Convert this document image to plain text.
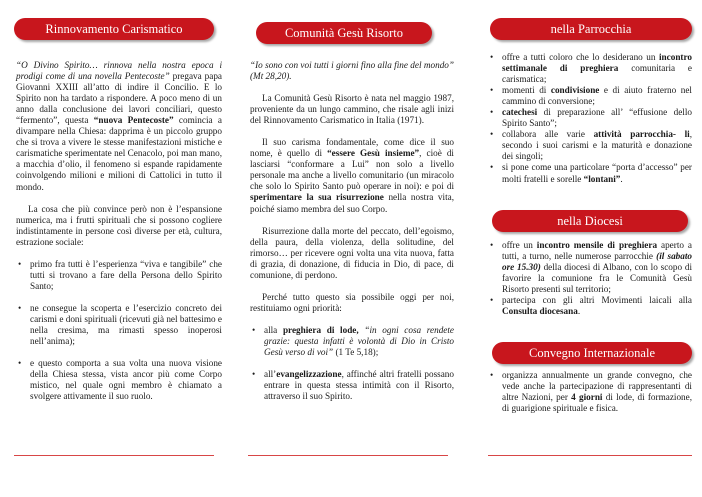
Rinnovamento Carismatico
“O Divino Spirito… rinnova nella nostra epoca i prodigi come di una novella Pentecoste” pregava papa Giovanni XXIII all’atto di indire il Concilio. E lo Spirito non ha tardato a rispondere. A poco meno di un anno dalla conclusione dei lavori conciliari, questo “fermento”, questa “nuova Pentecoste” comincia a divampare nella Chiesa: dapprima è un piccolo gruppo che si trova a vivere le stesse manifestazioni mistiche e carismatiche sperimentate nel Cenacolo, poi man mano, a macchia d’olio, il fenomeno si espande rapidamente coinvolgendo milioni e milioni di Cattolici in tutto il mondo.
La cosa che più convince però non è l’espansione numerica, ma i frutti spirituali che si possono cogliere indistintamente in persone così diverse per età, cultura, estrazione sociale:
• primo fra tutti è l’esperienza “viva e tangibile” che tutti si trovano a fare della Persona dello Spirito Santo;
• ne consegue la scoperta e l’esercizio concreto dei carismi e doni spirituali (ricevuti già nel battesimo e nella cresima, ma rimasti spesso inoperosi nell’anima);
• e questo comporta a sua volta una nuova visione della Chiesa stessa, vista ancor più come Corpo mistico, nel quale ogni membro è chiamato a svolgere attivamente il suo ruolo.
Comunità Gesù Risorto
“Io sono con voi tutti i giorni fino alla fine del mondo” (Mt 28,20).
La Comunità Gesù Risorto è nata nel maggio 1987, proveniente da un lungo cammino, che risale agli inizi del Rinnovamento Carismatico in Italia (1971).
Il suo carisma fondamentale, come dice il suo nome, è quello di “essere Gesù insieme”, cioè di lasciarsi “conformare a Lui” non solo a livello personale ma anche a livello comunitario (un miracolo che solo lo Spirito Santo può operare in noi): e poi di sperimentare la sua risurrezione nella nostra vita, poiché siamo membra del suo Corpo.
Risurrezione dalla morte del peccato, dell’egoismo, della paura, della violenza, della solitudine, del rimorso… per ricevere ogni volta una vita nuova, fatta di grazia, di donazione, di fiducia in Dio, di pace, di comunione, di perdono.
Perché tutto questo sia possibile oggi per noi, restituiamo ogni priorità:
• alla preghiera di lode, “in ogni cosa rendete grazie: questa infatti è volontà di Dio in Cristo Gesù verso di voi” (1 Te 5,18);
• all’evangelizzazione, affinché altri fratelli possano entrare in questa stessa intimità con il Risorto, attraverso il suo Spirito.
nella Parrocchia
• offre a tutti coloro che lo desiderano un incontro settimanale di preghiera comunitaria e carismatica;
• momenti di condivisione e di aiuto fraterno nel cammino di conversione;
• catechesi di preparazione all’ “effusione dello Spirito Santo”;
• collabora alle varie attività parrocchia- li, secondo i suoi carismi e la maturità e donazione dei singoli;
• si pone come una particolare “porta d’accesso” per molti fratelli e sorelle “lontani”.
nella Diocesi
• offre un incontro mensile di preghiera aperto a tutti, a turno, nelle numerose parrocchie (il sabato ore 15.30) della diocesi di Albano, con lo scopo di favorire la comunione fra le Comunità Gesù Risorto presenti sul territorio;
• partecipa con gli altri Movimenti laicali alla Consulta diocesana.
Convegno Internazionale
• organizza annualmente un grande convegno, che vede anche la partecipazione di rappresentanti di altre Nazioni, per 4 giorni di lode, di formazione, di guarigione spirituale e fisica.
